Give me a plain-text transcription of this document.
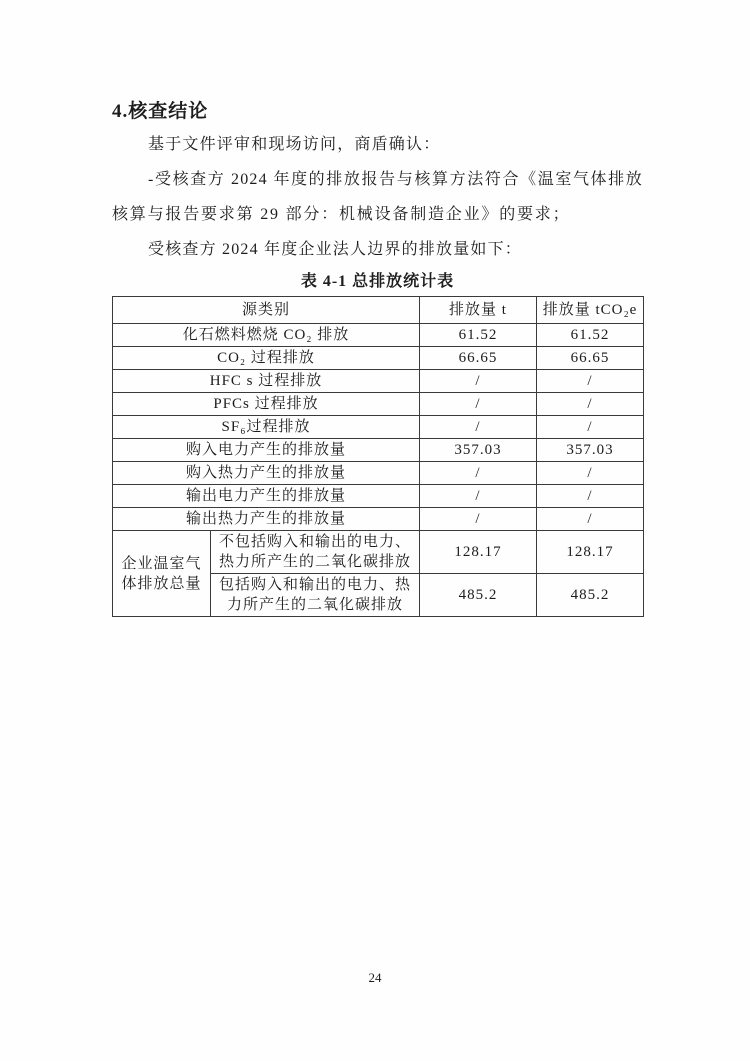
4.核查结论
基于文件评审和现场访问，商盾确认：
-受核查方 2024 年度的排放报告与核算方法符合《温室气体排放
核算与报告要求第 29 部分：机械设备制造企业》的要求；
受核查方 2024 年度企业法人边界的排放量如下：
表 4-1 总排放统计表
源类别		排放量 t	排放量 tCO₂e
化石燃料燃烧 CO₂ 排放		61.52	61.52
CO₂ 过程排放		66.65	66.65
HFC s 过程排放		/	/
PFCs 过程排放		/	/
SF₆过程排放		/	/
购入电力产生的排放量		357.03	357.03
购入热力产生的排放量		/	/
输出电力产生的排放量		/	/
输出热力产生的排放量		/	/
企业温室气体排放总量	不包括购入和输出的电力、热力所产生的二氧化碳排放	128.17	128.17
	包括购入和输出的电力、热力所产生的二氧化碳排放	485.2	485.2
24
